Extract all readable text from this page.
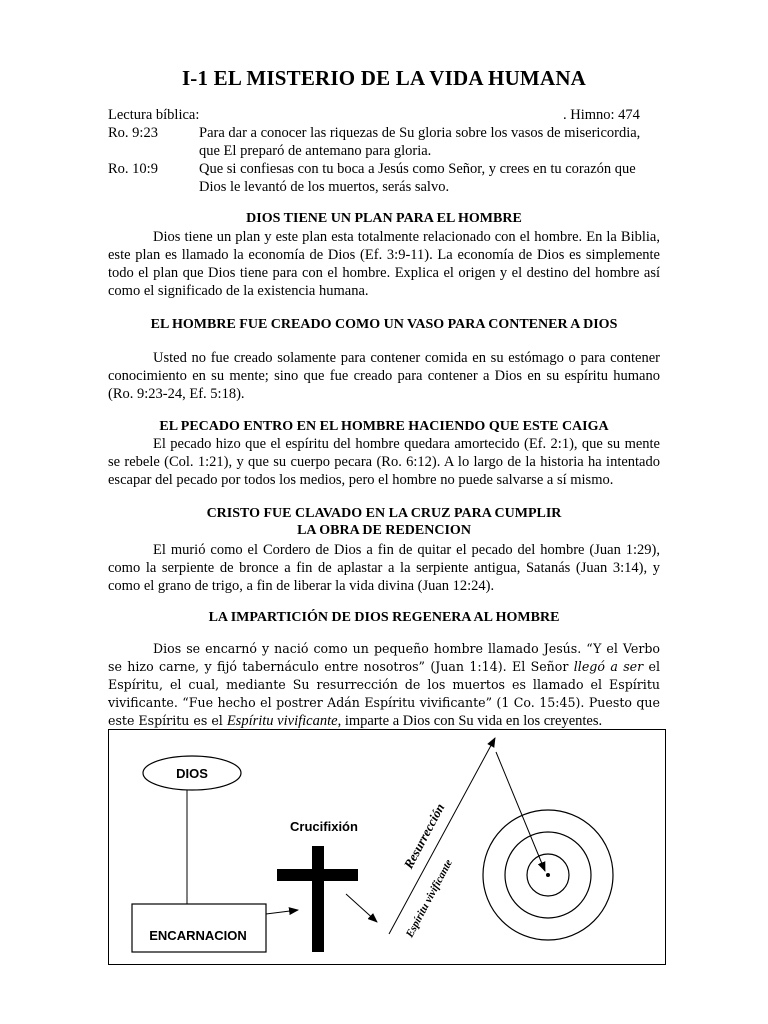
I-1 EL MISTERIO DE LA VIDA HUMANA
Lectura bíblica:	. Himno: 474
Ro. 9:23	Para dar a conocer las riquezas de Su gloria sobre los vasos de misericordia,
que El preparó de antemano para gloria.
Ro. 10:9	Que si confiesas con tu boca a Jesús como Señor, y crees en tu corazón que
Dios le levantó de los muertos, serás salvo.
DIOS TIENE UN PLAN PARA EL HOMBRE

Dios tiene un plan y este plan esta totalmente relacionado con el hombre. En la Biblia, este plan es llamado la economía de Dios (Ef. 3:9-11). La economía de Dios es simplemente todo el plan que Dios tiene para con el hombre. Explica el origen y el destino del hombre así como el significado de la existencia humana.

EL HOMBRE FUE CREADO COMO UN VASO PARA CONTENER A DIOS

Usted no fue creado solamente para contener comida en su estómago o para contener conocimiento en su mente; sino que fue creado para contener a Dios en su espíritu humano (Ro. 9:23-24, Ef. 5:18).

EL PECADO ENTRO EN EL HOMBRE HACIENDO QUE ESTE CAIGA

El pecado hizo que el espíritu del hombre quedara amortecido (Ef. 2:1), que su mente se rebele (Col. 1:21), y que su cuerpo pecara (Ro. 6:12). A lo largo de la historia ha intentado escapar del pecado por todos los medios, pero el hombre no puede salvarse a sí mismo.

CRISTO FUE CLAVADO EN LA CRUZ PARA CUMPLIR
LA OBRA DE REDENCION

El murió como el Cordero de Dios a fin de quitar el pecado del hombre (Juan 1:29), como la serpiente de bronce a fin de aplastar a la serpiente antigua, Satanás (Juan 3:14), y como el grano de trigo, a fin de liberar la vida divina (Juan 12:24).

LA IMPARTICIÓN DE DIOS REGENERA AL HOMBRE

Dios se encarnó y nació como un pequeño hombre llamado Jesús. “Y el Verbo se hizo carne, y fijó tabernáculo entre nosotros” (Juan 1:14). El Señor llegó a ser el Espíritu, el cual, mediante Su resurrección de los muertos es llamado el Espíritu vivificante. “Fue hecho el postrer Adán Espíritu vivificante” (1 Co. 15:45). Puesto que este Espíritu es el Espíritu vivificante, imparte a Dios con Su vida en los creyentes.

DIOS
ENCARNACION
Crucifixión	Resurrección
Espíritu vivificante
